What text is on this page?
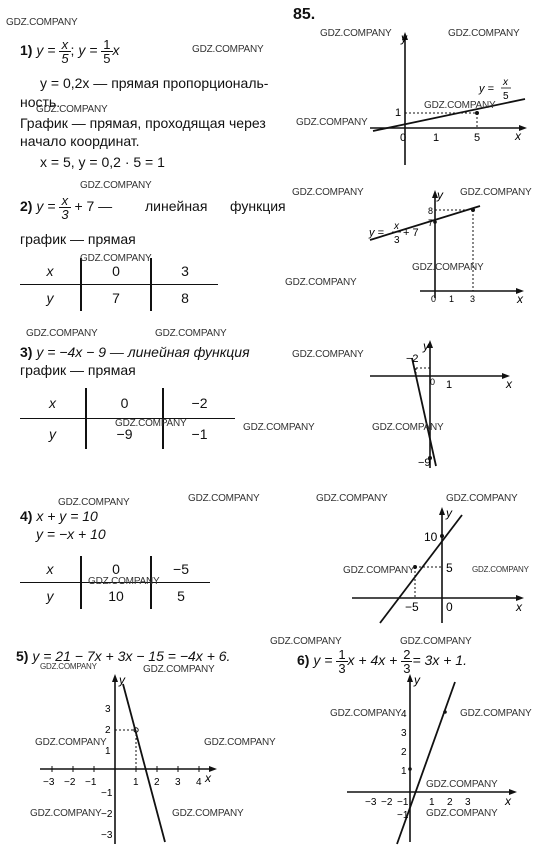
85.
1) $y = \frac{x}{5}$ ; $y = \frac{1}{5}$ x
y = 0,2x — прямая пропорциональ-
ность.
График — прямая, проходящая через
начало координат.
x = 5, y = 0,2 · 5 = 1
y
x
0 1	5
1
y =
x
5
2) $y = \frac{x}{3} + 7$ — линейная функция
график — прямая
x	0	3
y	7	8
y
x
8
7
0 1 3
y =
x
3
+ 7
3) y = −4x − 9 — линейная функция
график — прямая
x	0	−2
y	−9	−1
y
x
−2
0 1
−9
4) x + y = 10
y = −x + 10
x	0	−5
y	10	5
y
x
10
5
−5 0
5) y = 21 − 7x + 3x − 15 = −4x + 6.
−3 −2 −1	1 2 3 4
3
2
1
−1
−2
−3
y
x
6) $y = \frac{1}{3}$ $x + 4x + \frac{2}{3} = 3x + 1$.
−3 −2 −1 1 2 3
4
3
2
1
−1
y
x
GDZ.COMPANY
GDZ.COMPANY	GDZ.COMPANY
GDZ.COMPANY
GDZ.COMPANY
GDZ.COMPANY
GDZ.COMPANY
GDZ.COMPANY
GDZ.COMPANY	GDZ.COMPANY
GDZ.COMPANY
GDZ.COMPANY
GDZ.COMPANY
GDZ.COMPANY	GDZ.COMPANY
GDZ.COMPANY
GDZ.COMPANY	GDZ.COMPANY	GDZ.COMPANY
GDZ.COMPANY	GDZ.COMPANY	GDZ.COMPANY	GDZ.COMPANY
GDZ.COMPANY	GDZ.COMPANY
GDZ.COMPANY
GDZ.COMPANY	GDZ.COMPANY
GDZ.COMPANY	GDZ.COMPANY
GDZ.COMPANY	GDZ.COMPANY
GDZ.COMPANY	GDZ.COMPANY
GDZ.COMPANY
GDZ.COMPANY	GDZ.COMPANY	GDZ.COMPANY
